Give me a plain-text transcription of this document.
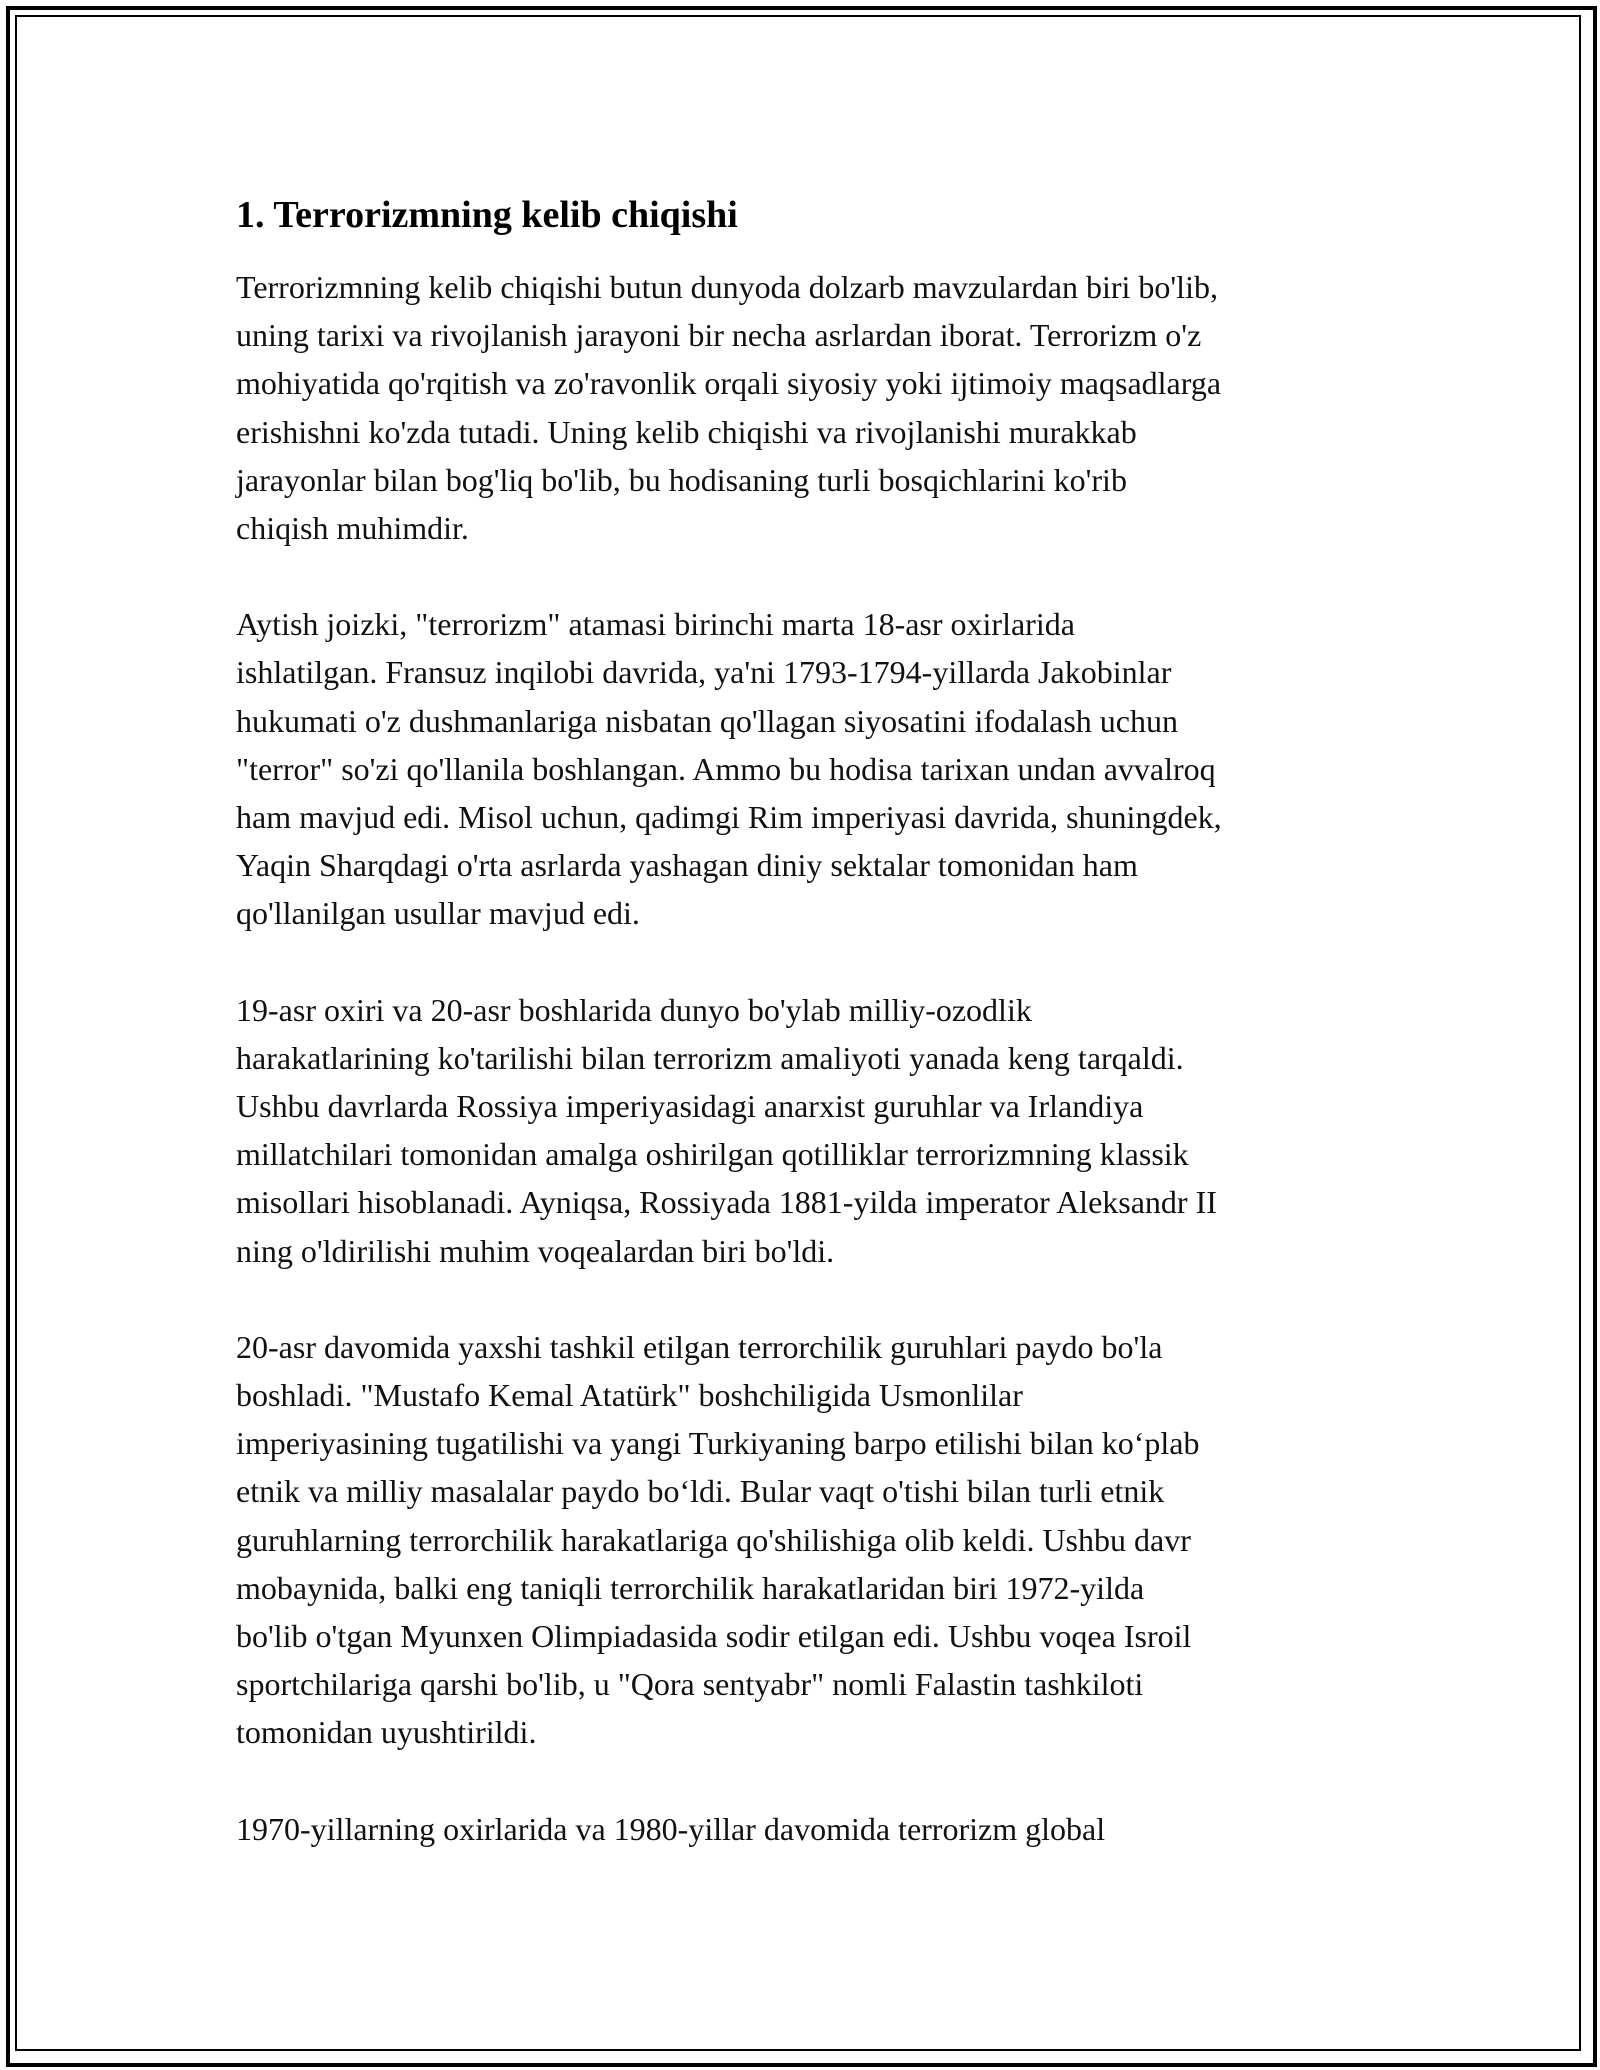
1. Terrorizmning kelib chiqishi

Terrorizmning kelib chiqishi butun dunyoda dolzarb mavzulardan biri bo'lib,
uning tarixi va rivojlanish jarayoni bir necha asrlardan iborat. Terrorizm o'z
mohiyatida qo'rqitish va zo'ravonlik orqali siyosiy yoki ijtimoiy maqsadlarga
erishishni ko'zda tutadi. Uning kelib chiqishi va rivojlanishi murakkab
jarayonlar bilan bog'liq bo'lib, bu hodisaning turli bosqichlarini ko'rib
chiqish muhimdir.

Aytish joizki, "terrorizm" atamasi birinchi marta 18-asr oxirlarida
ishlatilgan. Fransuz inqilobi davrida, ya'ni 1793-1794-yillarda Jakobinlar
hukumati o'z dushmanlariga nisbatan qo'llagan siyosatini ifodalash uchun
"terror" so'zi qo'llanila boshlangan. Ammo bu hodisa tarixan undan avvalroq
ham mavjud edi. Misol uchun, qadimgi Rim imperiyasi davrida, shuningdek,
Yaqin Sharqdagi o'rta asrlarda yashagan diniy sektalar tomonidan ham
qo'llanilgan usullar mavjud edi.

19-asr oxiri va 20-asr boshlarida dunyo bo'ylab milliy-ozodlik
harakatlarining ko'tarilishi bilan terrorizm amaliyoti yanada keng tarqaldi.
Ushbu davrlarda Rossiya imperiyasidagi anarxist guruhlar va Irlandiya
millatchilari tomonidan amalga oshirilgan qotilliklar terrorizmning klassik
misollari hisoblanadi. Ayniqsa, Rossiyada 1881-yilda imperator Aleksandr II
ning o'ldirilishi muhim voqealardan biri bo'ldi.

20-asr davomida yaxshi tashkil etilgan terrorchilik guruhlari paydo bo'la
boshladi. "Mustafo Kemal Atatürk" boshchiligida Usmonlilar
imperiyasining tugatilishi va yangi Turkiyaning barpo etilishi bilan ko‘plab
etnik va milliy masalalar paydo bo‘ldi. Bular vaqt o'tishi bilan turli etnik
guruhlarning terrorchilik harakatlariga qo'shilishiga olib keldi. Ushbu davr
mobaynida, balki eng taniqli terrorchilik harakatlaridan biri 1972-yilda
bo'lib o'tgan Myunxen Olimpiadasida sodir etilgan edi. Ushbu voqea Isroil
sportchilariga qarshi bo'lib, u "Qora sentyabr" nomli Falastin tashkiloti
tomonidan uyushtirildi.

1970-yillarning oxirlarida va 1980-yillar davomida terrorizm global
